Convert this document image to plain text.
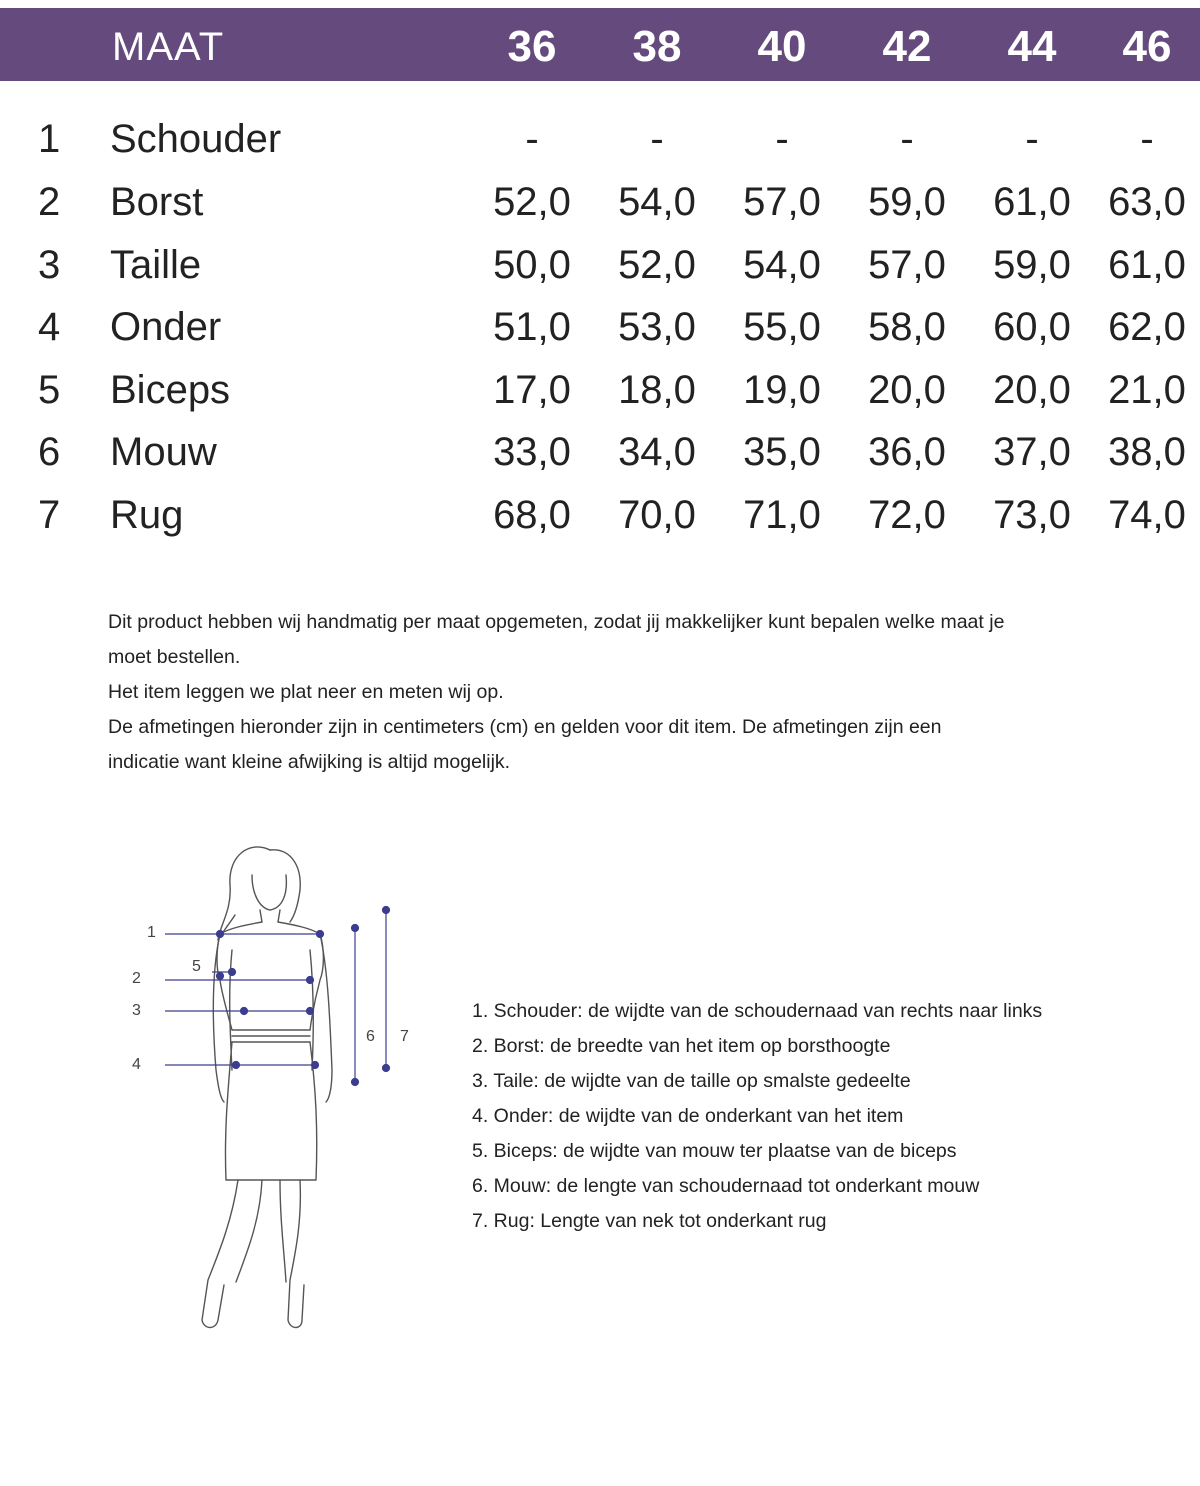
MAAT	36	38	40	42	44	46
1 Schouder	-	-	-	-	-	-
2 Borst	52,0	54,0	57,0	59,0	61,0 63,0
3 Taille	50,0	52,0	54,0	57,0	59,0 61,0
4 Onder	51,0	53,0	55,0	58,0	60,0 62,0
5 Biceps	17,0	18,0	19,0	20,0	20,0 21,0
6 Mouw	33,0	34,0	35,0	36,0	37,0 38,0
7 Rug	68,0	70,0	71,0	72,0	73,0 74,0

Dit product hebben wij handmatig per maat opgemeten, zodat jij makkelijker kunt bepalen welke maat je

moet bestellen.

Het item leggen we plat neer en meten wij op.

De afmetingen hieronder zijn in centimeters (cm) en gelden voor dit item. De afmetingen zijn een

indicatie want kleine afwijking is altijd mogelijk.

1
2
3
4
5
6 7

1. Schouder: de wijdte van de schoudernaad van rechts naar links

2. Borst: de breedte van het item op borsthoogte

3. Taile: de wijdte van de taille op smalste gedeelte

4. Onder: de wijdte van de onderkant van het item

5. Biceps: de wijdte van mouw ter plaatse van de biceps

6. Mouw: de lengte van schoudernaad tot onderkant mouw

7. Rug: Lengte van nek tot onderkant rug
